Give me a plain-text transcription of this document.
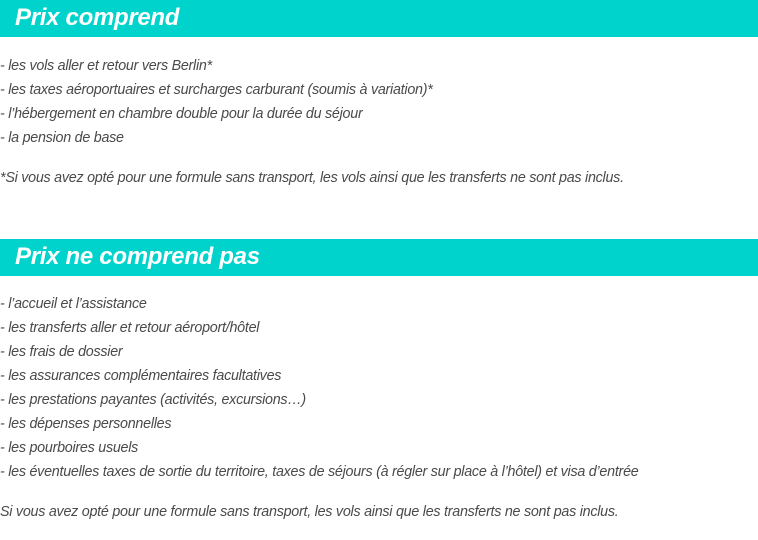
Prix comprend
- les vols aller et retour vers Berlin*
- les taxes aéroportuaires et surcharges carburant (soumis à variation)*
- l’hébergement en chambre double pour la durée du séjour
- la pension de base

*Si vous avez opté pour une formule sans transport, les vols ainsi que les transferts ne sont pas inclus.

Prix ne comprend pas
- l’accueil et l’assistance
- les transferts aller et retour aéroport/hôtel
- les frais de dossier
- les assurances complémentaires facultatives
- les prestations payantes (activités, excursions…)
- les dépenses personnelles
- les pourboires usuels
- les éventuelles taxes de sortie du territoire, taxes de séjours (à régler sur place à l’hôtel) et visa d’entrée

Si vous avez opté pour une formule sans transport, les vols ainsi que les transferts ne sont pas inclus.
